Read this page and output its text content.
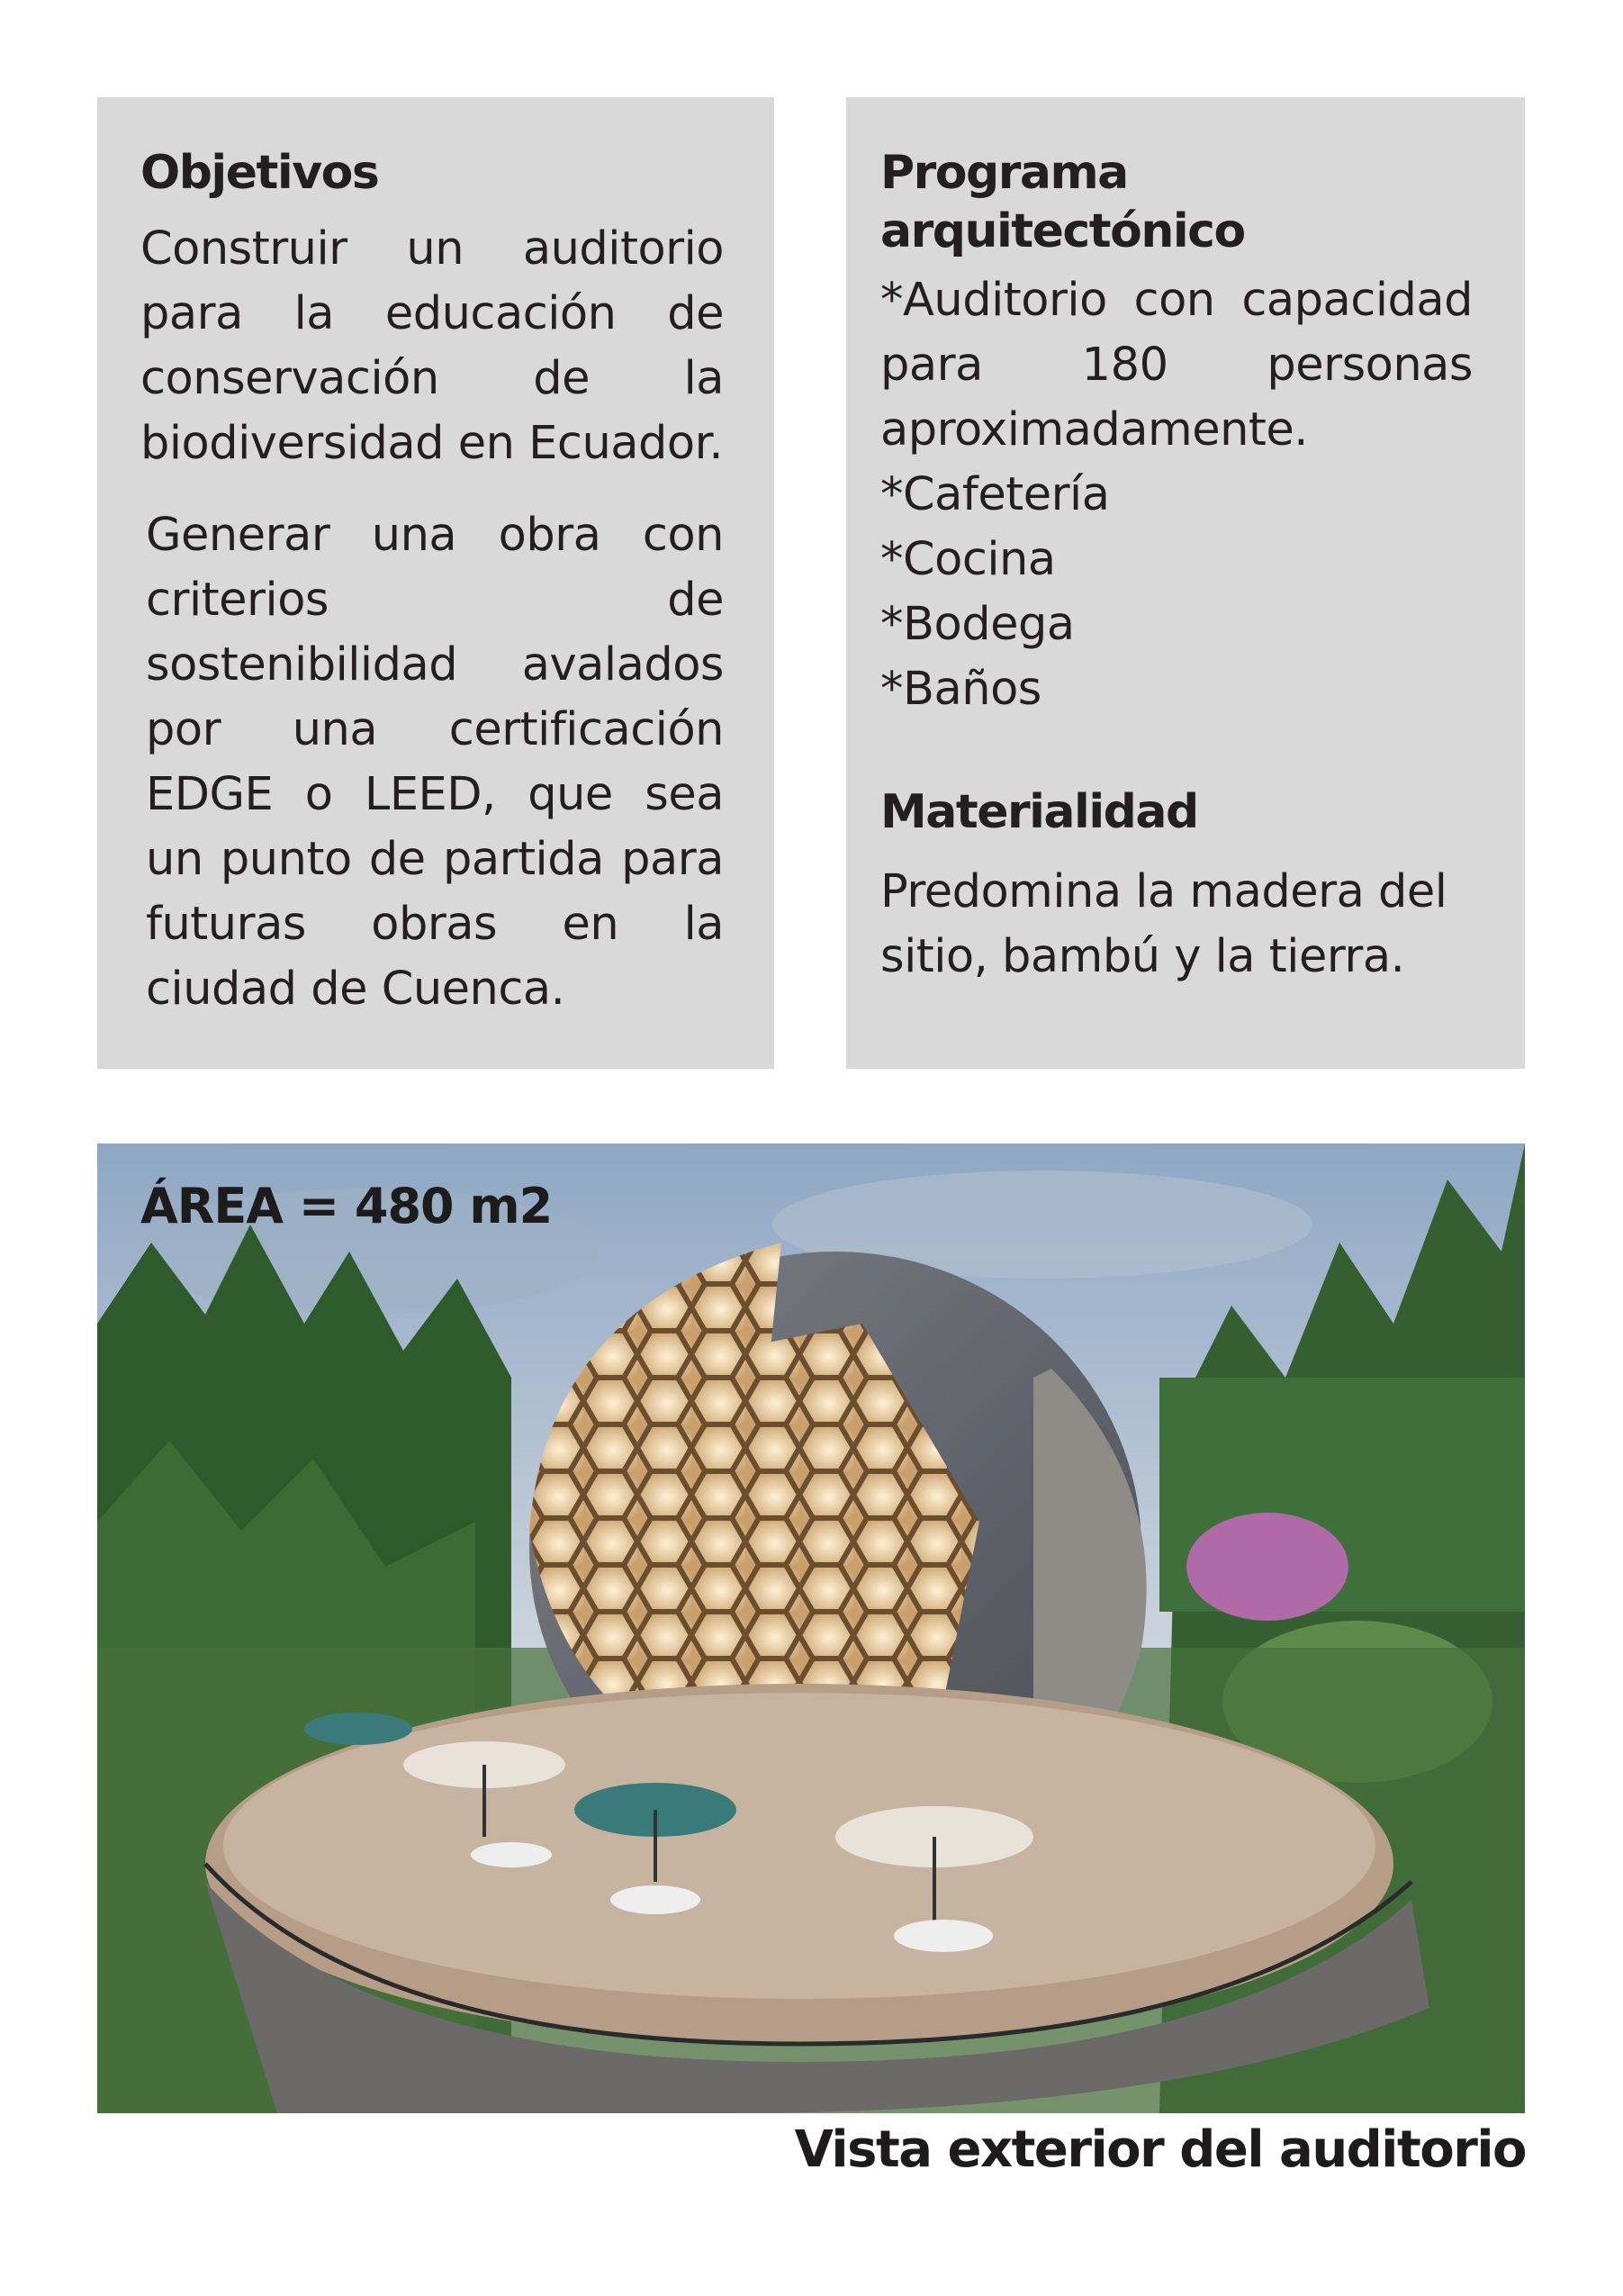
Objetivos

Construir un auditorio para la educación de conservación de la biodiversidad en Ecuador.

Generar una obra con criterios de sostenibilidad avalados por una certificación EDGE o LEED, que sea un punto de partida para futuras obras en la ciudad de Cuenca.

Programa arquitectónico
*Auditorio con capacidad para 180 personas aproximadamente.
*Cafetería
*Cocina
*Bodega
*Baños
Materialidad

Predomina la madera del sitio, bambú y la tierra.

ÁREA = 480 m2
Vista exterior del auditorio
